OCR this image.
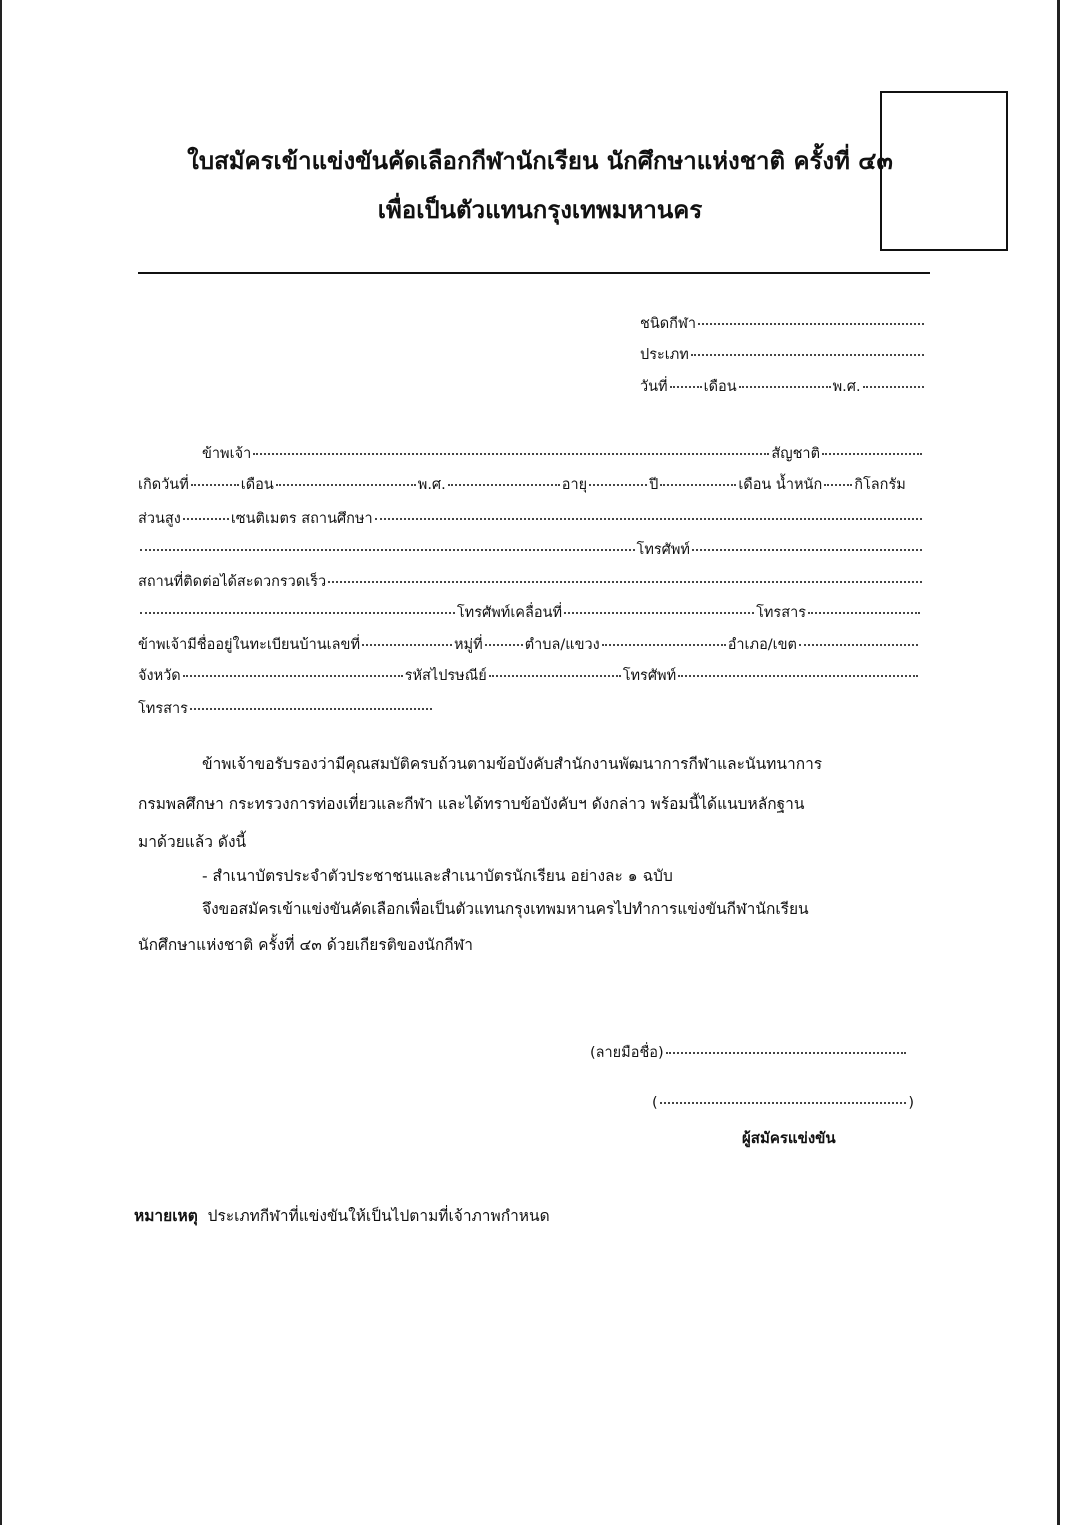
ใบสมัครเข้าแข่งขันคัดเลือกกีฬานักเรียน นักศึกษาแห่งชาติ ครั้งที่ ๔๓
เพื่อเป็นตัวแทนกรุงเทพมหานคร
ชนิดกีฬา
ประเภท
วันที่ เดือน	พ.ศ.
ข้าพเจ้า	สัญชาติ
เกิดวันที่	เดือน	พ.ศ.	อายุ	ปี	เดือน น้ำหนัก กิโลกรัม
ส่วนสูง	เซนติเมตร สถานศึกษา
โทรศัพท์
สถานที่ติดต่อได้สะดวกรวดเร็ว
โทรศัพท์เคลื่อนที่	โทรสาร
ข้าพเจ้ามีชื่ออยู่ในทะเบียนบ้านเลขที่	หมู่ที่	ตำบล/แขวง	อำเภอ/เขต
จังหวัด	รหัสไปรษณีย์	โทรศัพท์
โทรสาร
ข้าพเจ้าขอรับรองว่ามีคุณสมบัติครบถ้วนตามข้อบังคับสำนักงานพัฒนาการกีฬาและนันทนาการ
กรมพลศึกษา กระทรวงการท่องเที่ยวและกีฬา และได้ทราบข้อบังคับฯ ดังกล่าว พร้อมนี้ได้แนบหลักฐาน
มาด้วยแล้ว ดังนี้
- สำเนาบัตรประจำตัวประชาชนและสำเนาบัตรนักเรียน อย่างละ ๑ ฉบับ
จึงขอสมัครเข้าแข่งขันคัดเลือกเพื่อเป็นตัวแทนกรุงเทพมหานครไปทำการแข่งขันกีฬานักเรียน
นักศึกษาแห่งชาติ ครั้งที่ ๔๓ ด้วยเกียรติของนักกีฬา
(ลายมือชื่อ)
(	)
ผู้สมัครแข่งขัน
หมายเหตุ ประเภทกีฬาที่แข่งขันให้เป็นไปตามที่เจ้าภาพกำหนด
